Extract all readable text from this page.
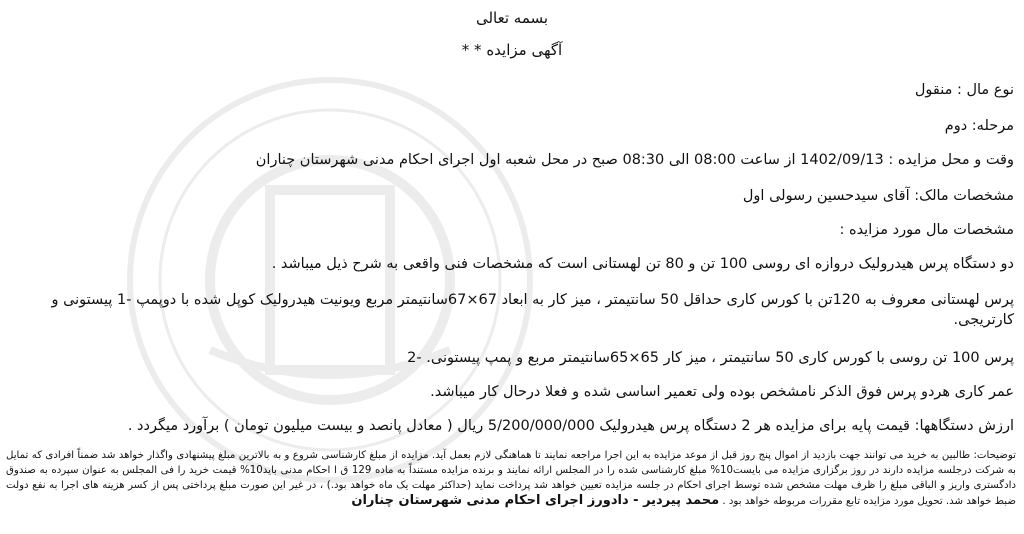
بسمه تعالی
آگهی مزایده * *
نوع مال : منقول
مرحله: دوم
وقت و محل مزایده : 1402/09/13 از ساعت 08:00 الی 08:30 صبح در محل شعبه اول اجرای احکام مدنی شهرستان چناران
مشخصات مالک: آقای سیدحسین رسولی اول
مشخصات مال مورد مزایده :
دو دستگاه پرس هیدرولیک دروازه ای روسی 100 تن و 80 تن لهستانی است که مشخصات فنی واقعی به شرح ذیل میباشد .
پرس لهستانی معروف به 120تن با کورس کاری حداقل 50 سانتیمتر ، میز کار به ابعاد 67×67سانتیمتر مربع ویونیت هیدرولیک کوپل شده با دوپمپ -1 پیستونی و کارتریجی.
پرس 100 تن روسی با کورس کاری 50 سانتیمتر ، میز کار 65×65سانتیمتر مربع و پمپ پیستونی. -2
عمر کاری هردو پرس فوق الذکر نامشخص بوده ولی تعمیر اساسی شده و فعلا درحال کار میباشد.
ارزش دستگاهها: قیمت پایه برای مزایده هر 2 دستگاه پرس هیدرولیک 5/200/000/000 ریال ( معادل پانصد و بیست میلیون تومان ) برآورد میگردد .
توضیحات: طالبین به خرید می توانند جهت بازدید از اموال پنج روز قبل از موعد مزایده به این اجرا مراجعه نمایند تا هماهنگی لازم بعمل آید. مزایده از مبلغ کارشناسی شروع و به بالاترین مبلغ پیشنهادی واگذار خواهد شد ضمناً افرادی که تمایل به شرکت درجلسه مزایده دارند در روز برگزاری مزایده می بایست10% مبلغ کارشناسی شده را در المجلس ارائه نمایند و برنده مزایده مستنداً به ماده 129 ق ا احکام مدنی باید10% قیمت خرید را فی المجلس به عنوان سپرده به صندوق دادگستری واریز و الباقی مبلغ را ظرف مهلت مشخص شده توسط اجرای احکام در جلسه مزایده تعیین خواهد شد پرداخت نماید (حداکثر مهلت یک ماه خواهد بود.) ، در غیر این صورت مبلغ پرداختی پس از کسر هزینه های اجرا به نفع دولت ضبط خواهد شد. تحویل مورد مزایده تابع مقررات مربوطه خواهد بود . محمد پیردیر - دادورز اجرای احکام مدنی شهرستان چناران
